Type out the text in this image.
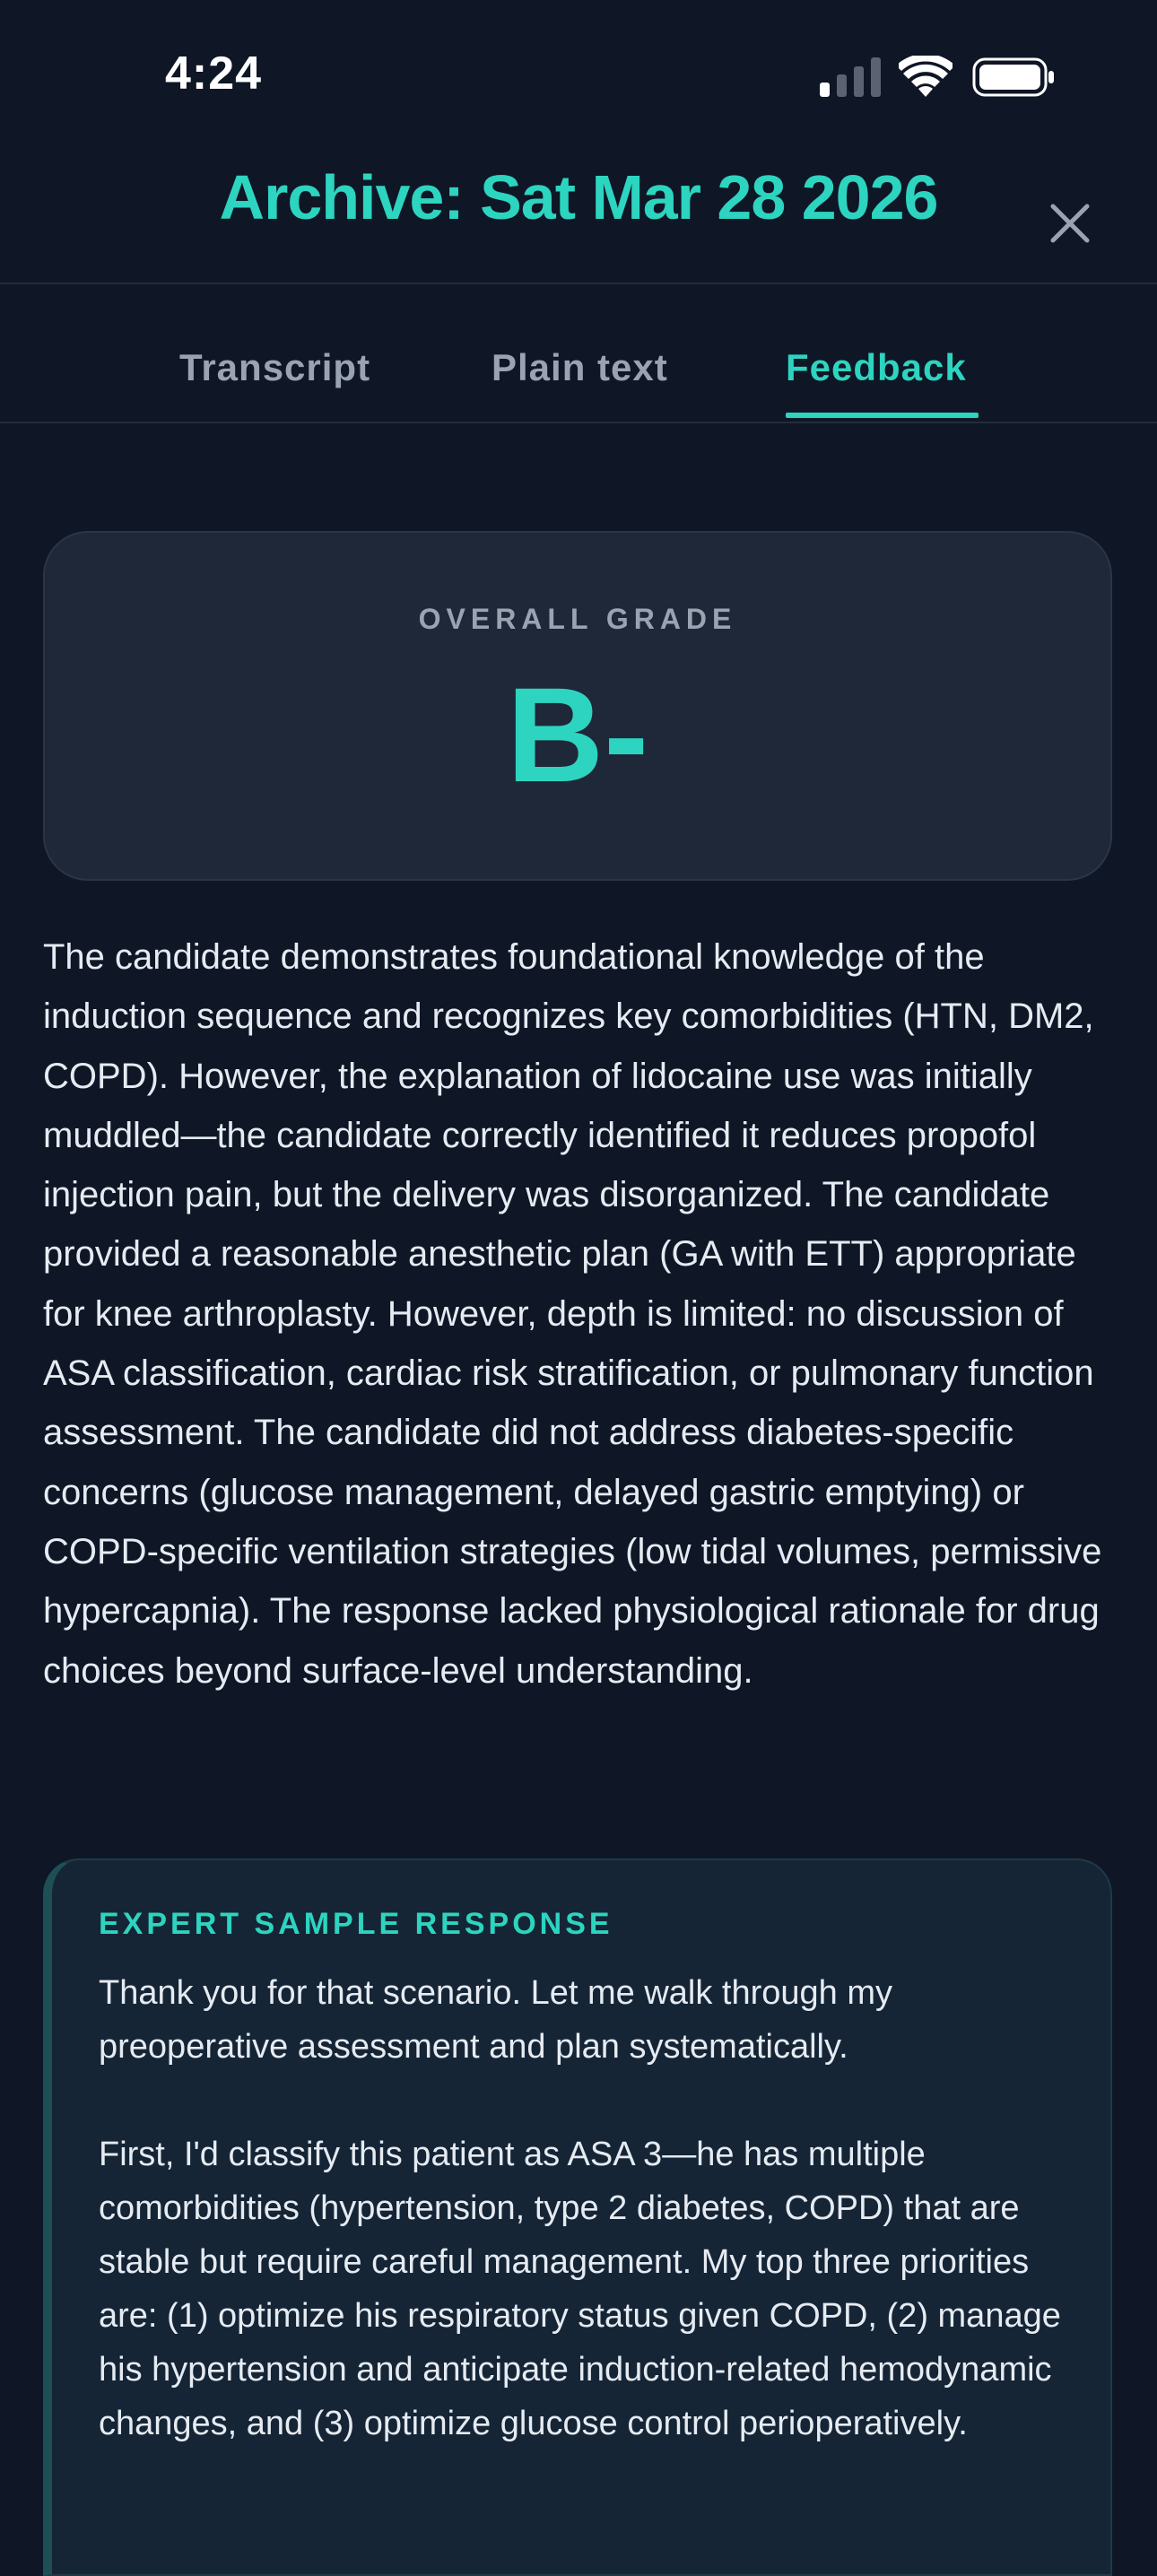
4:24
Archive: Sat Mar 28 2026
Transcript	Plain text	Feedback
OVERALL GRADE
B-
The candidate demonstrates foundational knowledge of the induction sequence and recognizes key comorbidities (HTN, DM2, COPD). However, the explanation of lidocaine use was initially muddled—the candidate correctly identified it reduces propofol injection pain, but the delivery was disorganized. The candidate provided a reasonable anesthetic plan (GA with ETT) appropriate for knee arthroplasty. However, depth is limited: no discussion of ASA classification, cardiac risk stratification, or pulmonary function assessment. The candidate did not address diabetes-specific concerns (glucose management, delayed gastric emptying) or COPD-specific ventilation strategies (low tidal volumes, permissive hypercapnia). The response lacked physiological rationale for drug choices beyond surface-level understanding.
EXPERT SAMPLE RESPONSE

Thank you for that scenario. Let me walk through my preoperative assessment and plan systematically.

First, I'd classify this patient as ASA 3—he has multiple comorbidities (hypertension, type 2 diabetes, COPD) that are stable but require careful management. My top three priorities are: (1) optimize his respiratory status given COPD, (2) manage his hypertension and anticipate induction-related hemodynamic changes, and (3) optimize glucose control perioperatively.
